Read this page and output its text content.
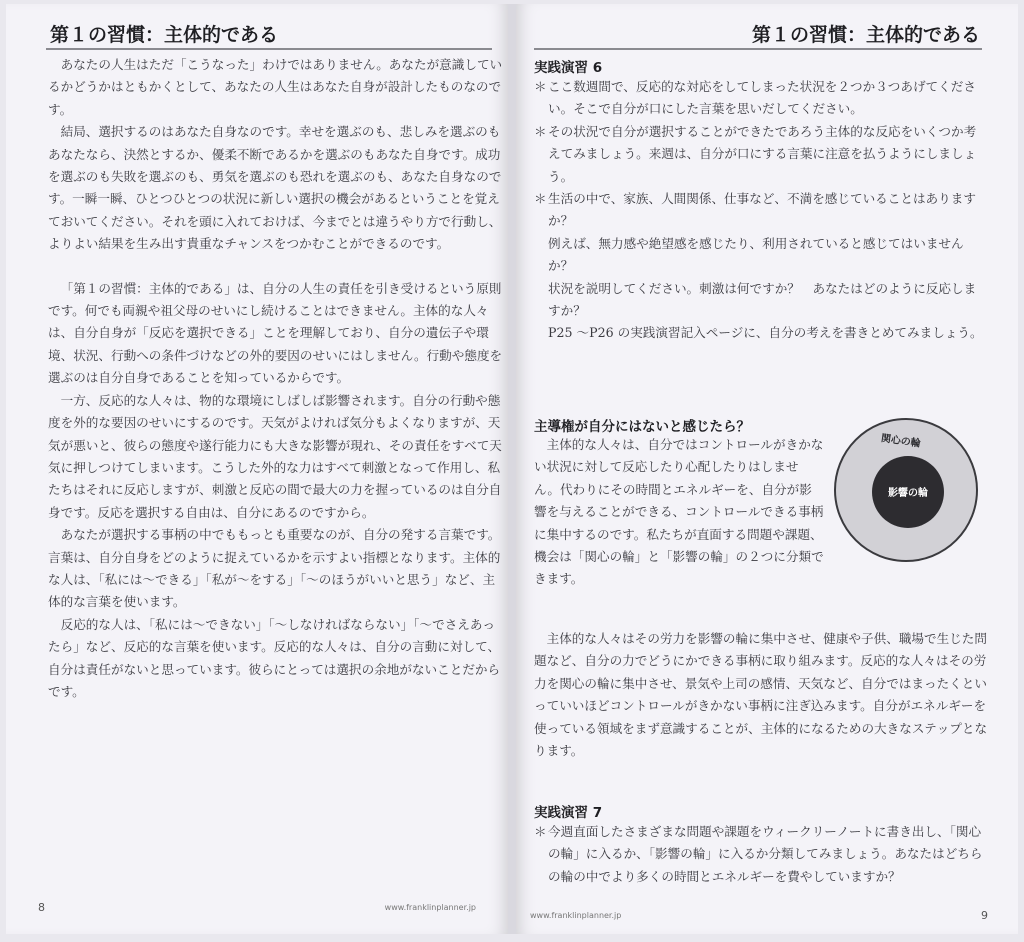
第１の習慣：主体的である

あなたの人生はただ「こうなった」わけではありません。あなたが意識しているかどうかはともかくとして、あなたの人生はあなた自身が設計したものなのです。

結局、選択するのはあなた自身なのです。幸せを選ぶのも、悲しみを選ぶのもあなたなら、決然とするか、優柔不断であるかを選ぶのもあなた自身です。成功を選ぶのも失敗を選ぶのも、勇気を選ぶのも恐れを選ぶのも、あなた自身なのです。一瞬一瞬、ひとつひとつの状況に新しい選択の機会があるということを覚えておいてください。それを頭に入れておけば、今までとは違うやり方で行動し、よりよい結果を生み出す貴重なチャンスをつかむことができるのです。

「第１の習慣：主体的である」は、自分の人生の責任を引き受けるという原則です。何でも両親や祖父母のせいにし続けることはできません。主体的な人々は、自分自身が「反応を選択できる」ことを理解しており、自分の遺伝子や環境、状況、行動への条件づけなどの外的要因のせいにはしません。行動や態度を選ぶのは自分自身であることを知っているからです。

一方、反応的な人々は、物的な環境にしばしば影響されます。自分の行動や態度を外的な要因のせいにするのです。天気がよければ気分もよくなりますが、天気が悪いと、彼らの態度や遂行能力にも大きな影響が現れ、その責任をすべて天気に押しつけてしまいます。こうした外的な力はすべて刺激となって作用し、私たちはそれに反応しますが、刺激と反応の間で最大の力を握っているのは自分自身です。反応を選択する自由は、自分にあるのですから。

あなたが選択する事柄の中でももっとも重要なのが、自分の発する言葉です。言葉は、自分自身をどのように捉えているかを示すよい指標となります。主体的な人は、「私には～できる」「私が～をする」「～のほうがいいと思う」など、主体的な言葉を使います。

反応的な人は、「私には～できない」「～しなければならない」「～でさえあったら」など、反応的な言葉を使います。反応的な人々は、自分の言動に対して、自分は責任がないと思っています。彼らにとっては選択の余地がないことだからです。

8	www.franklinplanner.jp
第１の習慣：主体的である
実践演習 6
＊ ここ数週間で、反応的な対応をしてしまった状況を２つか３つあげてください。そこで自分が口にした言葉を思いだしてください。
＊ その状況で自分が選択することができたであろう主体的な反応をいくつか考えてみましょう。来週は、自分が口にする言葉に注意を払うようにしましょう。
＊ 生活の中で、家族、人間関係、仕事など、不満を感じていることはありますか？
例えば、無力感や絶望感を感じたり、利用されていると感じてはいませんか？
状況を説明してください。刺激は何ですか？　あなたはどのように反応しますか？
P25 ～P26 の実践演習記入ページに、自分の考えを書きとめてみましょう。
主導権が自分にはないと感じたら？

主体的な人々は、自分ではコントロールがきかない状況に対して反応したり心配したりはしません。代わりにその時間とエネルギーを、自分が影響を与えることができる、コントロールできる事柄に集中するのです。私たちが直面する問題や課題、機会は「関心の輪」と「影響の輪」の２つに分類できます。

関心の輪
影響の輪

主体的な人々はその労力を影響の輪に集中させ、健康や子供、職場で生じた問題など、自分の力でどうにかできる事柄に取り組みます。反応的な人々はその労力を関心の輪に集中させ、景気や上司の感情、天気など、自分ではまったくといっていいほどコントロールがきかない事柄に注ぎ込みます。自分がエネルギーを使っている領域をまず意識することが、主体的になるための大きなステップとなります。

実践演習 7
＊ 今週直面したさまざまな問題や課題をウィークリーノートに書き出し、「関心の輪」に入るか、「影響の輪」に入るか分類してみましょう。あなたはどちらの輪の中でより多くの時間とエネルギーを費やしていますか？
www.franklinplanner.jp	9
